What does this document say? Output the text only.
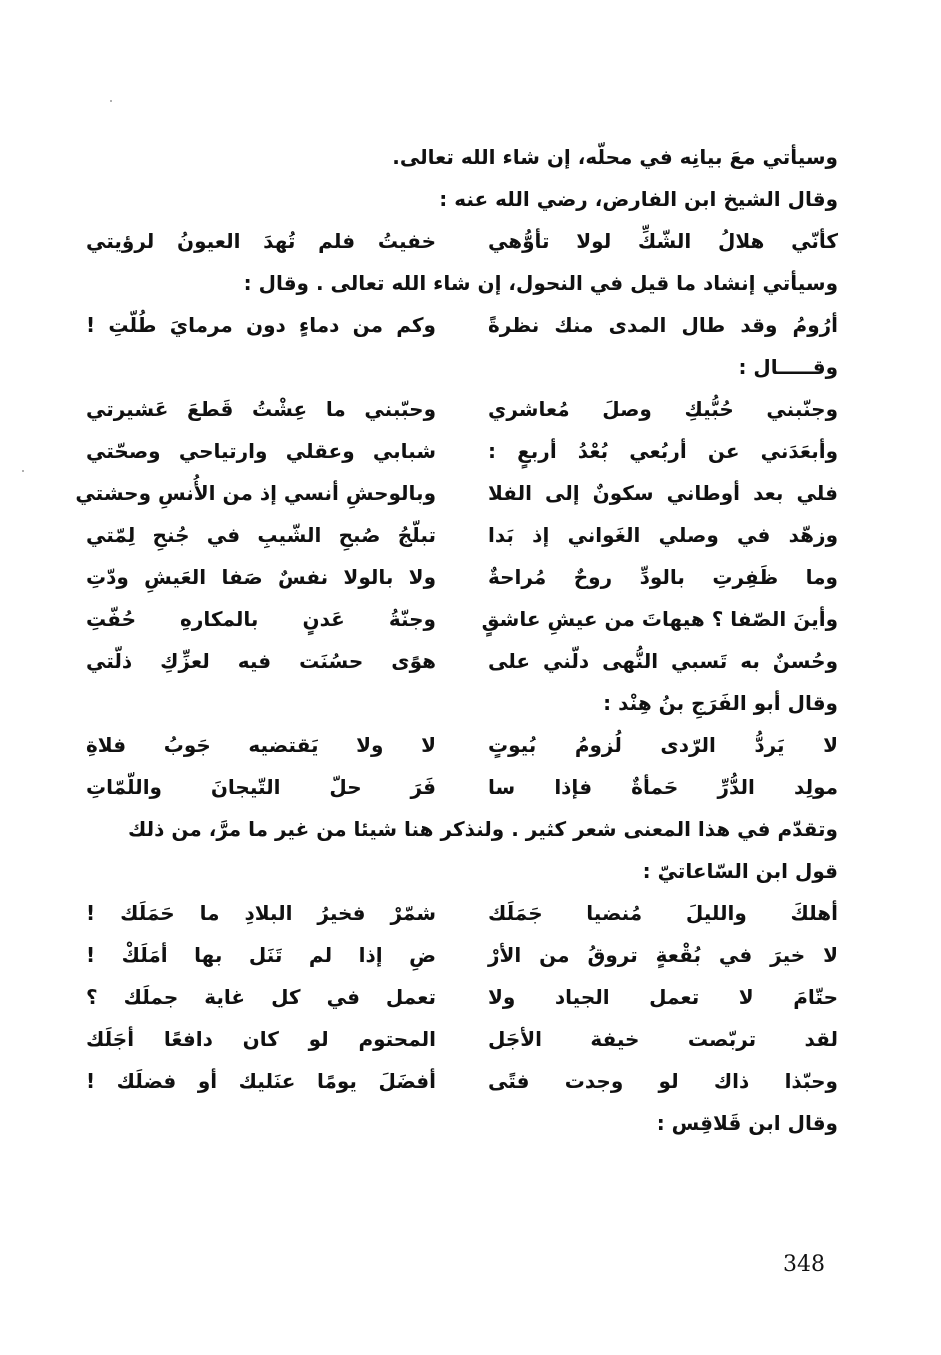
وسيأتي معَ بيانِه في محلّه، إن شاء الله تعالى.
وقال الشيخ ابن الفارض، رضي الله عنه :
كأنّي هلالُ الشّكِّ لولا تأوُّهي
خفيتُ فلم تُهدَ العيونُ لرؤيتي
وسيأتي إنشاد ما قيل في النحول، إن شاء الله تعالى . وقال :
أرُومُ وقد طال المدى منك نظرةً
وكم من دماءٍ دون مرمايَ طُلّتِ !
وقـــــال :
وجنّبني حُبُّيكِ وصلَ مُعاشري
وحبّبني ما عِشْتُ قَطعَ عَشيرتي
وأبعَدَني عن أربُعي بُعْدُ أربعٍ :
شبابي وعقلي وارتياحي وصحّتي
فلي بعد أوطاني سكونٌ إلى الفلا
وبالوحشِ أنسي إذ من الأُنسِ وحشتي
وزهّد في وصلي الغَواني إذ بَدا
تبلّجُ صُبحِ الشّيبِ في جُنحِ لِمّتي
وما ظَفِرتِ بالودِّ روحٌ مُراحةٌ
ولا بالولا نفسٌ صَفا العَيشِ ودّتِ
وأينَ الصّفا ؟ هيهاتَ من عيشِ عاشقٍ
وجنّةُ عَدنٍ بالمكارهِ حُفّتِ
وحُسنٌ به تَسبي النُّهى دلّني على
هوًى حسُنَت فيه لعزِّكِ ذلّتي
وقال أبو الفَرَجِ بنُ هِنْد :
لا يَردُّ الرّدى لُزومُ بُيوتٍ
لا ولا يَقتضيه جَوبُ فلاةِ
مولِد الدُّرِّ حَمأةٌ فإذا سا
فَرَ حلّ التّيجانَ واللّمّاتِ
وتقدّم في هذا المعنى شعر كثير . ولنذكر هنا شيئا من غير ما مرَّ، من ذلك قول ابن السّاعاتيّ :
أهلكَ والليلَ مُنضيا جَمَلَك
شمّرْ فخيرُ البلادِ ما حَمَلَك !
لا خيرَ في بُقْعةٍ تروقُ من الأرْ
ضِ إذا لم تَنَل بها أمَلَكْ !
حتّامَ لا تعمل الجياد ولا
تعمل في كل غاية جملَك ؟
لقد تربّصت خيفة الأجَل
المحتوم لو كان دافعًا أجَلَك
وحبّذا ذاك لو وجدت فتًى
أفضَلَ يومًا عنَليك أو فضلَك !
وقال ابن قَلاقِس :
348
